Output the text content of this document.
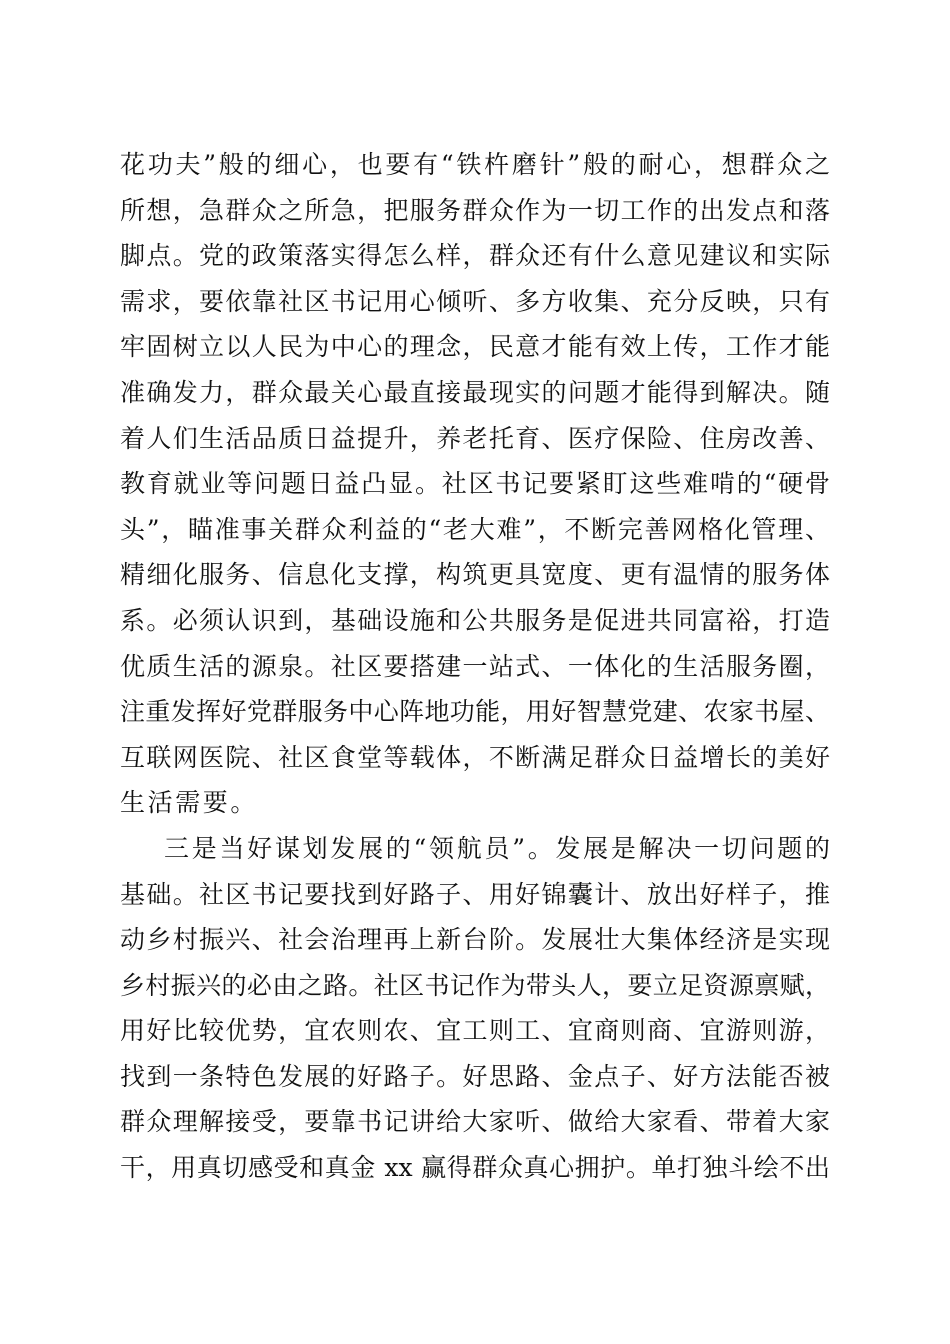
花功夫”般的细心，也要有“铁杵磨针”般的耐心，想群众之
所想，急群众之所急，把服务群众作为一切工作的出发点和落
脚点。党的政策落实得怎么样，群众还有什么意见建议和实际
需求，要依靠社区书记用心倾听、多方收集、充分反映，只有
牢固树立以人民为中心的理念，民意才能有效上传，工作才能
准确发力，群众最关心最直接最现实的问题才能得到解决。随
着人们生活品质日益提升，养老托育、医疗保险、住房改善、
教育就业等问题日益凸显。社区书记要紧盯这些难啃的“硬骨
头”，瞄准事关群众利益的“老大难”，不断完善网格化管理、
精细化服务、信息化支撑，构筑更具宽度、更有温情的服务体
系。必须认识到，基础设施和公共服务是促进共同富裕，打造
优质生活的源泉。社区要搭建一站式、一体化的生活服务圈，
注重发挥好党群服务中心阵地功能，用好智慧党建、农家书屋、
互联网医院、社区食堂等载体，不断满足群众日益增长的美好
生活需要。
三是当好谋划发展的“领航员”。发展是解决一切问题的
基础。社区书记要找到好路子、用好锦囊计、放出好样子，推
动乡村振兴、社会治理再上新台阶。发展壮大集体经济是实现
乡村振兴的必由之路。社区书记作为带头人，要立足资源禀赋，
用好比较优势，宜农则农、宜工则工、宜商则商、宜游则游，
找到一条特色发展的好路子。好思路、金点子、好方法能否被
群众理解接受，要靠书记讲给大家听、做给大家看、带着大家
干，用真切感受和真金 xx 赢得群众真心拥护。单打独斗绘不出
